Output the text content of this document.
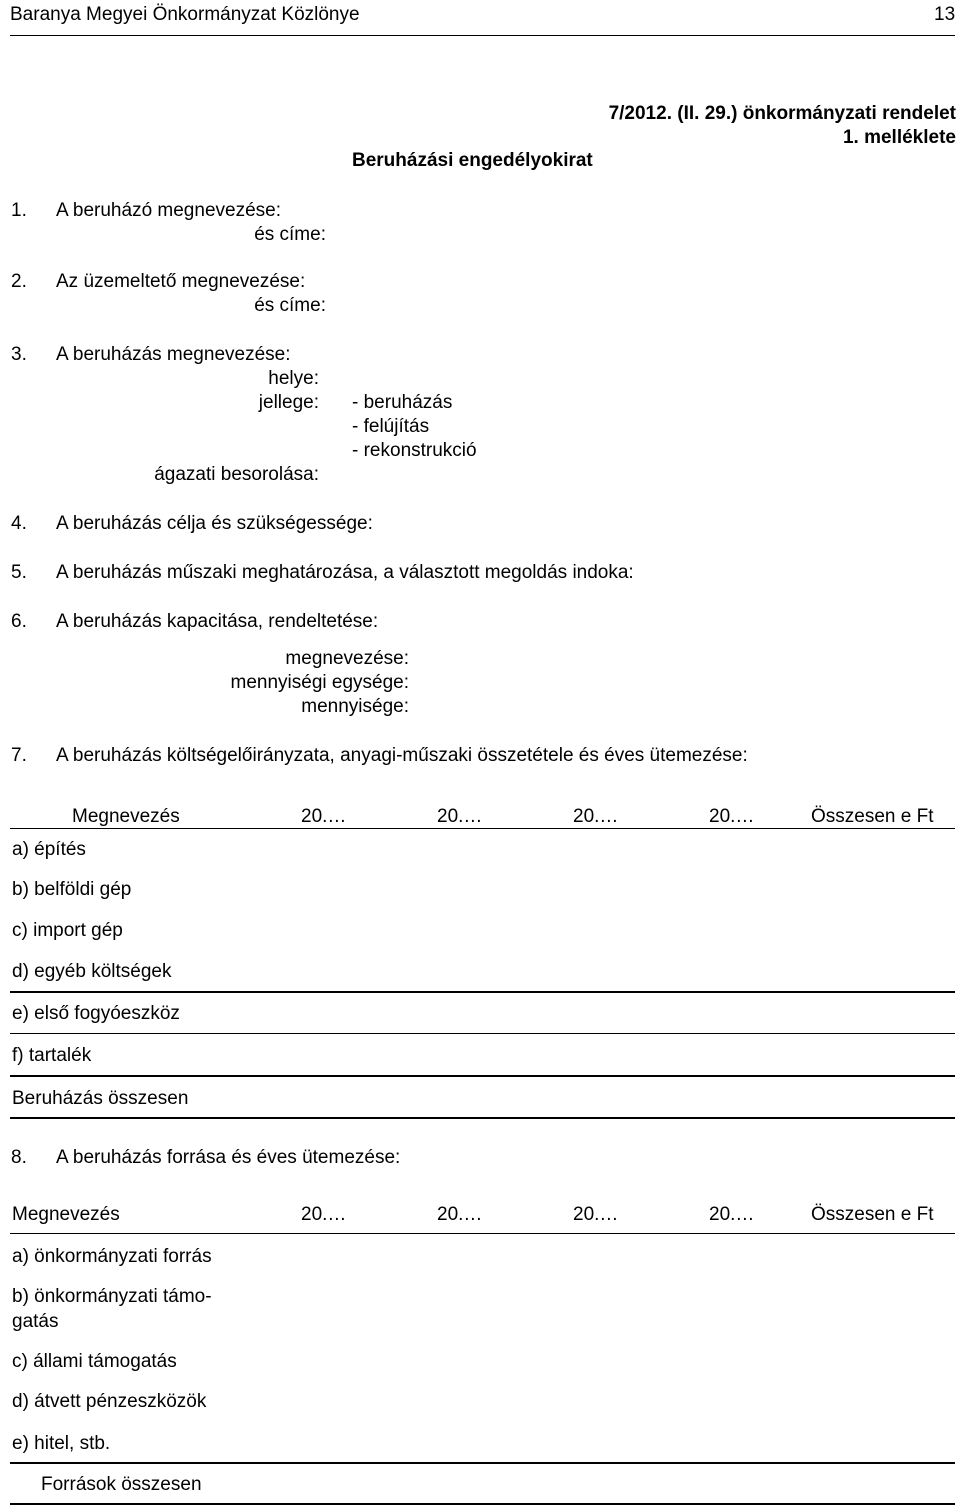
Baranya Megyei Önkormányzat Közlönye	13
7/2012. (II. 29.) önkormányzati rendelet
1. melléklete
Beruházási engedélyokirat
1. A beruházó megnevezése:
és címe:
2. Az üzemeltető megnevezése:
és címe:
3. A beruházás megnevezése:
helye:
jellege: - beruházás
- felújítás
- rekonstrukció
ágazati besorolása:
4. A beruházás célja és szükségessége:
5. A beruházás műszaki meghatározása, a választott megoldás indoka:
6. A beruházás kapacitása, rendeltetése:
megnevezése:
mennyiségi egysége:
mennyisége:
7. A beruházás költségelőirányzata, anyagi-műszaki összetétele és éves ütemezése:
Megnevezés	20.…	20.…	20.…	20.…	Összesen e Ft
a) építés
b) belföldi gép
c) import gép
d) egyéb költségek
e) első fogyóeszköz
f) tartalék
Beruházás összesen
8. A beruházás forrása és éves ütemezése:
Megnevezés	20.…	20.…	20.…	20.…	Összesen e Ft
a) önkormányzati forrás
b) önkormányzati támo-
gatás
c) állami támogatás
d) átvett pénzeszközök
e) hitel, stb.
Források összesen
